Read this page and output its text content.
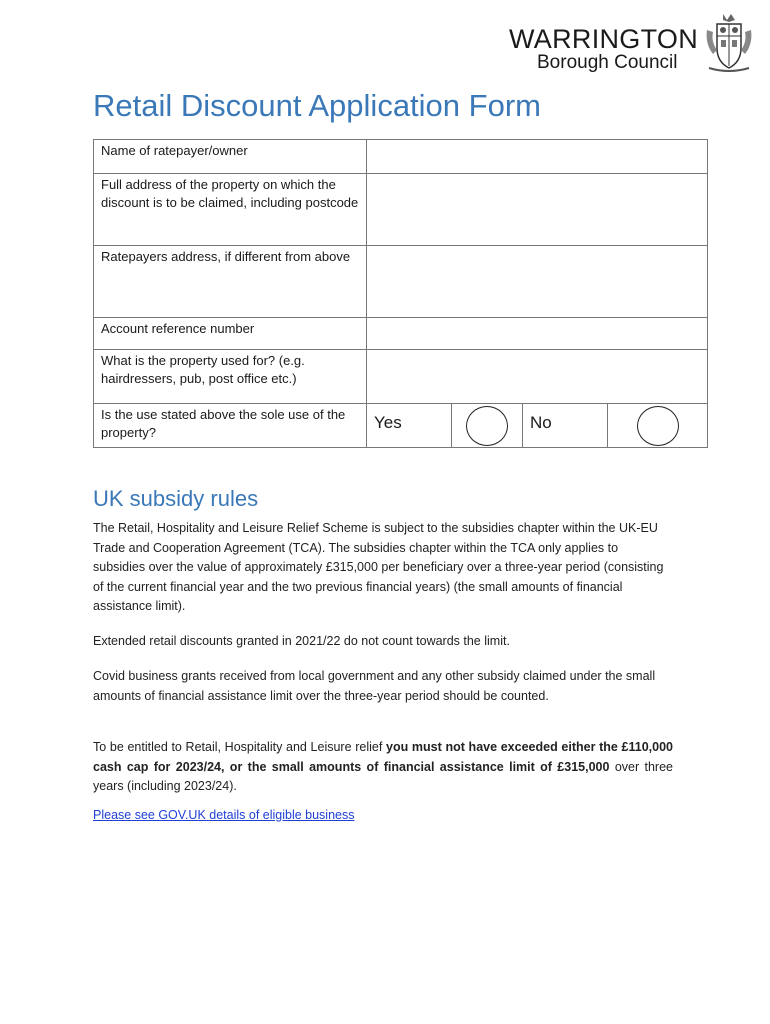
WARRINGTON
Borough Council
Retail Discount Application Form
Name of ratepayer/owner				
Full address of the property on which the discount is to be claimed, including postcode				
Ratepayers address, if different from above				
Account reference number				
What is the property used for? (e.g. hairdressers, pub, post office etc.)				
Is the use stated above the sole use of the property?	Yes		No	
UK subsidy rules

The Retail, Hospitality and Leisure Relief Scheme is subject to the subsidies chapter within the UK-EU Trade and Cooperation Agreement (TCA). The subsidies chapter within the TCA only applies to subsidies over the value of approximately £315,000 per beneficiary over a three-year period (consisting of the current financial year and the two previous financial years) (the small amounts of financial assistance limit).

Extended retail discounts granted in 2021/22 do not count towards the limit.

Covid business grants received from local government and any other subsidy claimed under the small amounts of financial assistance limit over the three-year period should be counted.

To be entitled to Retail, Hospitality and Leisure relief you must not have exceeded either the £110,000 cash cap for 2023/24, or the small amounts of financial assistance limit of £315,000 over three years (including 2023/24).

Please see GOV.UK details of eligible business
